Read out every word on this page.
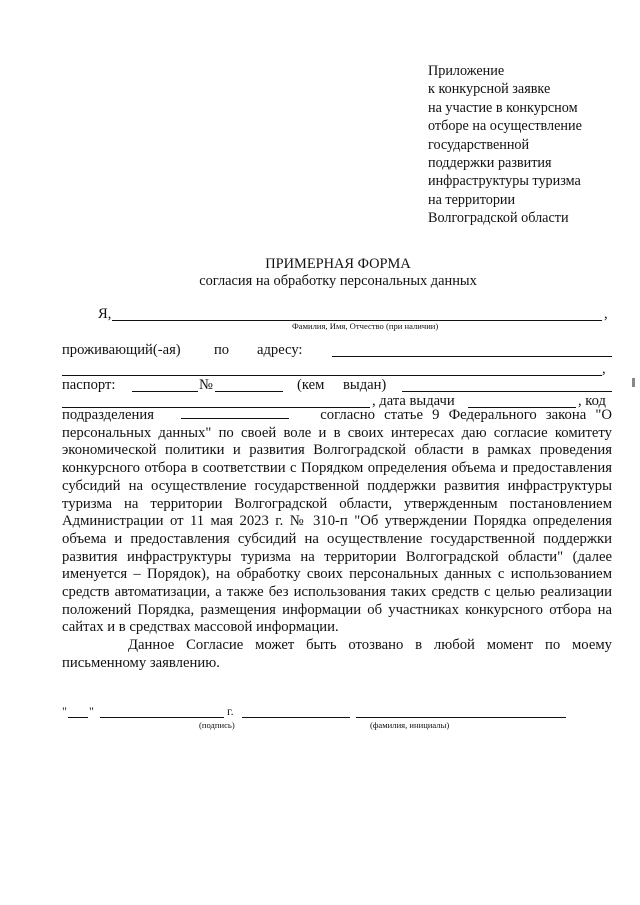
Приложение
к конкурсной заявке
на участие в конкурсном
отборе на осуществление
государственной
поддержки развития
инфраструктуры туризма
на территории
Волгоградской области
ПРИМЕРНАЯ ФОРМА
согласия на обработку персональных данных
Я,	,
Фамилия, Имя, Отчество (при наличии)
проживающий(-ая)	по	адресу:
,
паспорт:	№	(кем	выдан)
, дата выдачи	, код

подразделения	согласно статье 9 Федерального закона "О персональных данных" по своей воле и в своих интересах даю согласие комитету экономической политики и развития Волгоградской области в рамках проведения конкурсного отбора в соответствии с Порядком определения объема и предоставления субсидий на осуществление государственной поддержки развития инфраструктуры туризма на территории Волгоградской области, утвержденным постановлением Администрации от 11 мая 2023 г. № 310-п "Об утверждении Порядка определения объема и предоставления субсидий на осуществление государственной поддержки развития инфраструктуры туризма на территории Волгоградской области" (далее именуется – Порядок), на обработку своих персональных данных с использованием средств автоматизации, а также без использования таких средств с целью реализации положений Порядка, размещения информации об участниках конкурсного отбора на сайтах и в средствах массовой информации.

Данное Согласие может быть отозвано в любой момент по моему письменному заявлению.

" "	г.
(подпись)	(фамилия, инициалы)
